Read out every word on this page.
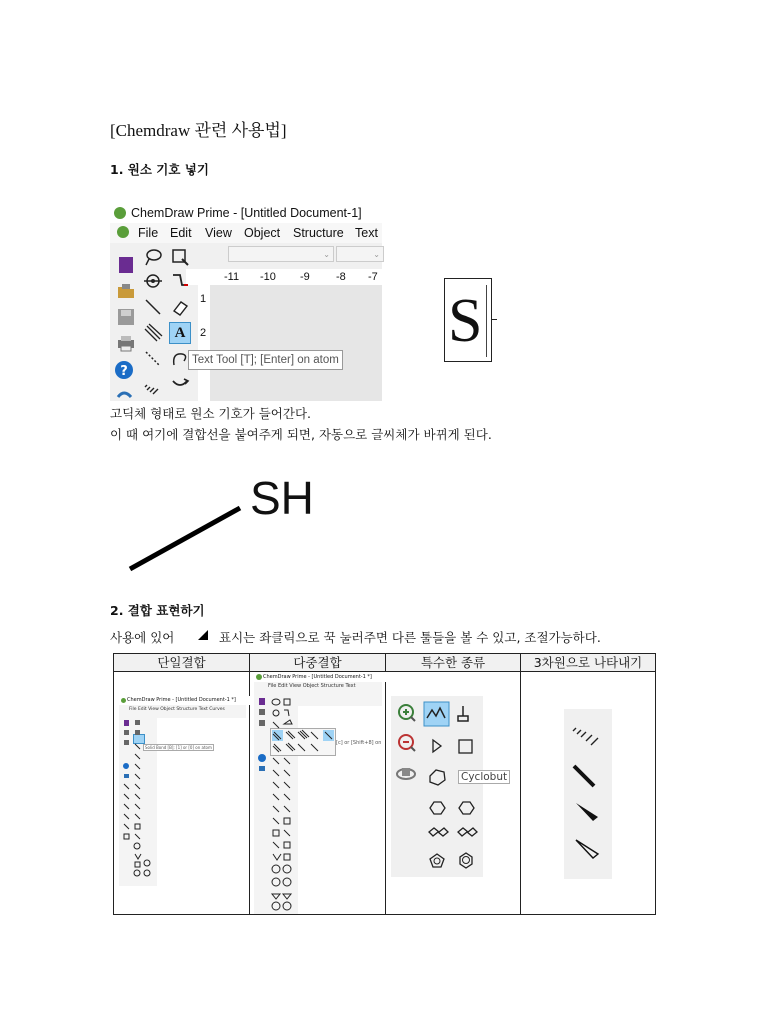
[Chemdraw 관련 사용법]
1. 원소 기호 넣기
ChemDraw Prime - [Untitled Document-1]
File Edit View Object Structure Text
⌄	⌄
-11 -10 -9 -8 -7
1
2
?
A
Text Tool [T]; [Enter] on atom
S
고딕체 형태로 원소 기호가 들어간다.
이 때 여기에 결합선을 붙여주게 되면, 자동으로 글씨체가 바뀌게 된다.
SH
2. 결합 표현하기
사용에 있어	표시는 좌클릭으로 꾹 눌러주면 다른 툴들을 볼 수 있고, 조절가능하다.
단일결합	다중결합	특수한 종류	3차원으로 나타내기
ChemDraw Prime - [Untitled Document-1 *]
File Edit View Object Structure Text Curves
Solid Bond [B]; [1] or [0] on atom
ChemDraw Prime - [Untitled Document-1 *]
File Edit View Object Structure Text
[c] or [Shift+8] on
Cyclobut
